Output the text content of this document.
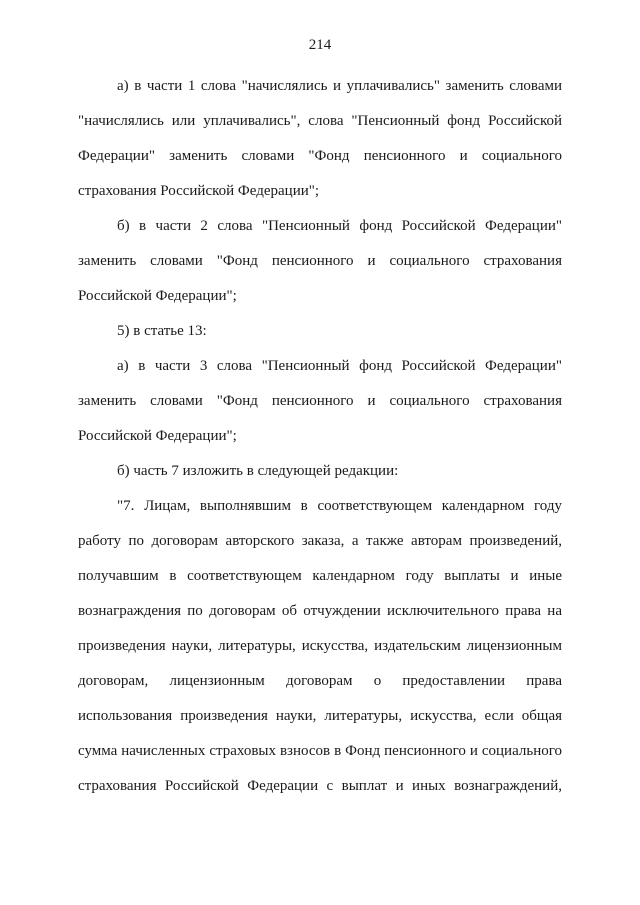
214
а) в части 1 слова "начислялись и уплачивались" заменить словами
"начислялись или уплачивались", слова "Пенсионный фонд Российской
Федерации" заменить словами "Фонд пенсионного и социального
страхования Российской Федерации";
б) в части 2 слова "Пенсионный фонд Российской Федерации"
заменить словами "Фонд пенсионного и социального страхования
Российской Федерации";
5) в статье 13:
а) в части 3 слова "Пенсионный фонд Российской Федерации"
заменить словами "Фонд пенсионного и социального страхования
Российской Федерации";
б) часть 7 изложить в следующей редакции:
"7. Лицам, выполнявшим в соответствующем календарном году
работу по договорам авторского заказа, а также авторам произведений,
получавшим в соответствующем календарном году выплаты и иные
вознаграждения по договорам об отчуждении исключительного права на
произведения науки, литературы, искусства, издательским лицензионным
договорам, лицензионным договорам о предоставлении права
использования произведения науки, литературы, искусства, если общая
сумма начисленных страховых взносов в Фонд пенсионного и социального
страхования Российской Федерации с выплат и иных вознаграждений,
